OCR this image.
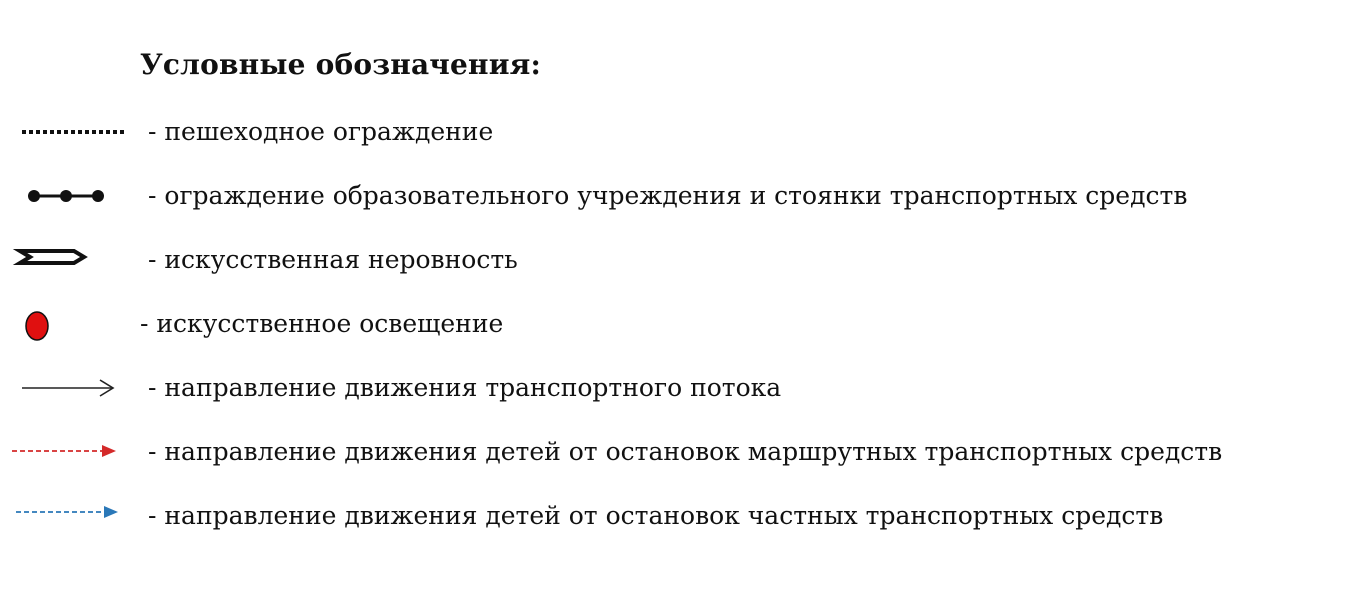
Условные обозначения:
- пешеходное ограждение
- ограждение образовательного учреждения и стоянки транспортных средств
- искусственная неровность
- искусственное освещение
- направление движения транспортного потока
- направление движения детей от остановок маршрутных транспортных средств
- направление движения детей от остановок частных транспортных средств
